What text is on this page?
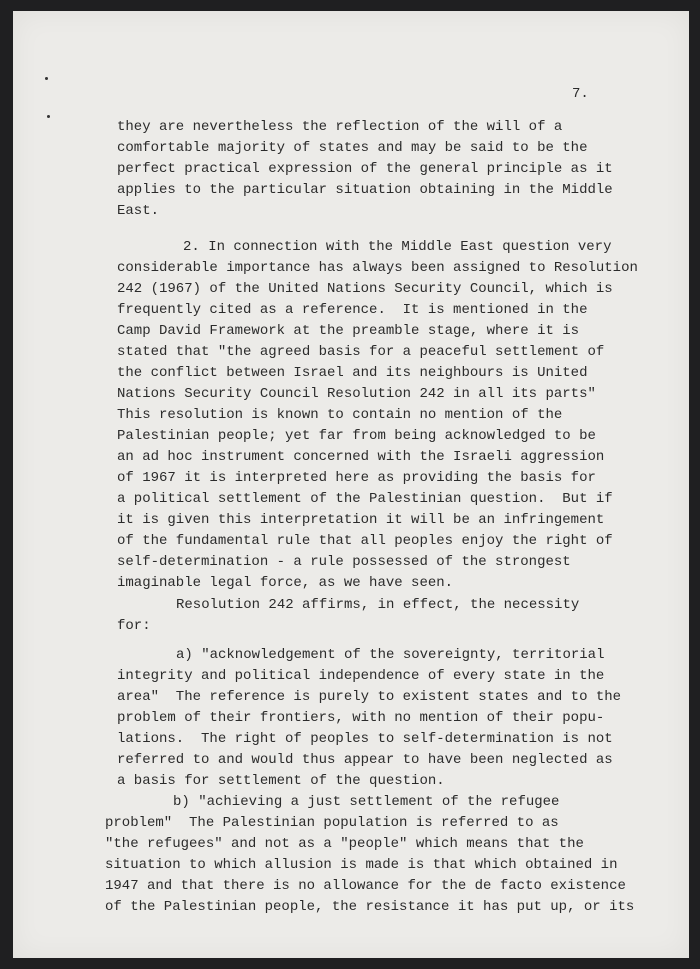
7.

they are nevertheless the reflection of the will of a

comfortable majority of states and may be said to be the

perfect practical expression of the general principle as it

applies to the particular situation obtaining in the Middle

East.

2. In connection with the Middle East question very

considerable importance has always been assigned to Resolution

242 (1967) of the United Nations Security Council, which is

frequently cited as a reference.  It is mentioned in the

Camp David Framework at the preamble stage, where it is

stated that "the agreed basis for a peaceful settlement of

the conflict between Israel and its neighbours is United

Nations Security Council Resolution 242 in all its parts"

This resolution is known to contain no mention of the

Palestinian people; yet far from being acknowledged to be

an ad hoc instrument concerned with the Israeli aggression

of 1967 it is interpreted here as providing the basis for

a political settlement of the Palestinian question.  But if

it is given this interpretation it will be an infringement

of the fundamental rule that all peoples enjoy the right of

self-determination - a rule possessed of the strongest

imaginable legal force, as we have seen.

Resolution 242 affirms, in effect, the necessity

for:

a) "acknowledgement of the sovereignty, territorial

integrity and political independence of every state in the

area"  The reference is purely to existent states and to the

problem of their frontiers, with no mention of their popu-

lations.  The right of peoples to self-determination is not

referred to and would thus appear to have been neglected as

a basis for settlement of the question.

b) "achieving a just settlement of the refugee

problem"  The Palestinian population is referred to as

"the refugees" and not as a "people" which means that the

situation to which allusion is made is that which obtained in

1947 and that there is no allowance for the de facto existence

of the Palestinian people, the resistance it has put up, or its
